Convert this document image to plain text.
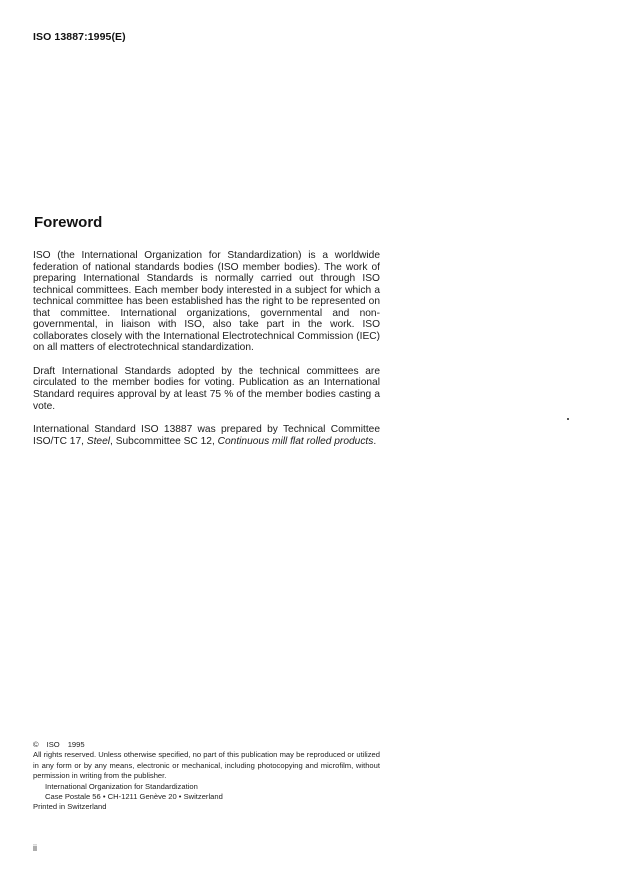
ISO 13887:1995(E)
Foreword

ISO (the International Organization for Standardization) is a worldwide federation of national standards bodies (ISO member bodies). The work of preparing International Standards is normally carried out through ISO technical committees. Each member body interested in a subject for which a technical committee has been established has the right to be represented on that committee. International organizations, governmental and non-governmental, in liaison with ISO, also take part in the work. ISO collaborates closely with the International Electrotechnical Commission (IEC) on all matters of electrotechnical standardization.

Draft International Standards adopted by the technical committees are circulated to the member bodies for voting. Publication as an International Standard requires approval by at least 75 % of the member bodies casting a vote.

International Standard ISO 13887 was prepared by Technical Committee ISO/TC 17, Steel, Subcommittee SC 12, Continuous mill flat rolled products.

© ISO 1995
All rights reserved. Unless otherwise specified, no part of this publication may be reproduced or utilized in any form or by any means, electronic or mechanical, including photocopying and microfilm, without permission in writing from the publisher.
International Organization for Standardization
Case Postale 56 • CH-1211 Genève 20 • Switzerland
Printed in Switzerland
ii
